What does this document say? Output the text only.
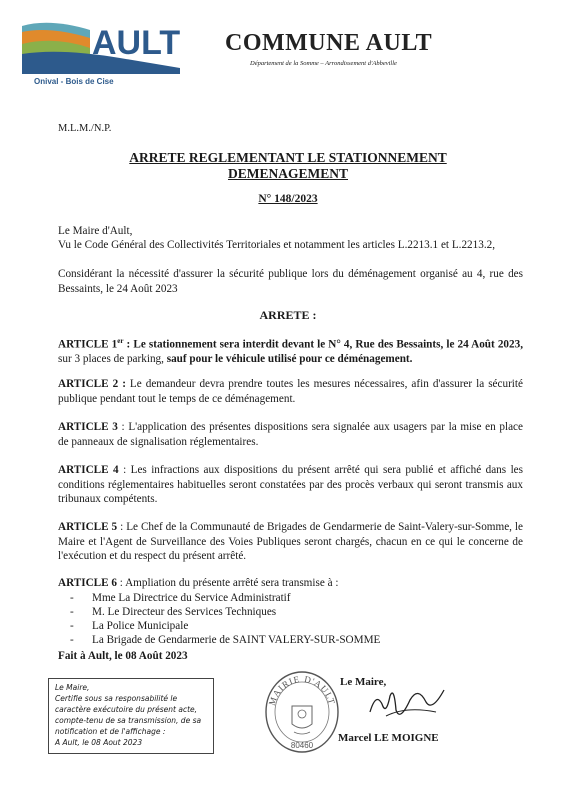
AULT
Onival - Bois de Cise
COMMUNE AULT
Département de la Somme – Arrondissement d'Abbeville
M.L.M./N.P.
ARRETE REGLEMENTANT LE STATIONNEMENT
DEMENAGEMENT
N° 148/2023
Le Maire d'Ault,
Vu le Code Général des Collectivités Territoriales et notamment les articles L.2213.1 et L.2213.2,
Considérant la nécessité d'assurer la sécurité publique lors du déménagement organisé au 4, rue des Bessaints, le 24 Août 2023
ARRETE :
ARTICLE 1er : Le stationnement sera interdit devant le N° 4, Rue des Bessaints, le 24 Août 2023, sur 3 places de parking, sauf pour le véhicule utilisé pour ce déménagement.
ARTICLE 2 : Le demandeur devra prendre toutes les mesures nécessaires, afin d'assurer la sécurité publique pendant tout le temps de ce déménagement.
ARTICLE 3 : L'application des présentes dispositions sera signalée aux usagers par la mise en place de panneaux de signalisation réglementaires.
ARTICLE 4 : Les infractions aux dispositions du présent arrêté qui sera publié et affiché dans les conditions réglementaires habituelles seront constatées par des procès verbaux qui seront transmis aux tribunaux compétents.
ARTICLE 5 : Le Chef de la Communauté de Brigades de Gendarmerie de Saint-Valery-sur-Somme, le Maire et l'Agent de Surveillance des Voies Publiques seront chargés, chacun en ce qui le concerne de l'exécution et du respect du présent arrêté.
ARTICLE 6 : Ampliation du présente arrêté sera transmise à :
- Mme La Directrice du Service Administratif
- M. Le Directeur des Services Techniques
- La Police Municipale
- La Brigade de Gendarmerie de SAINT VALERY-SUR-SOMME
Fait à Ault, le 08 Août 2023
Le Maire,
Certifie sous sa responsabilité le caractère exécutoire du présent acte, compte-tenu de sa transmission, de sa notification et de l'affichage :
A Ault, le 08 Aout 2023
MAIRIE D'AULT
80460
Le Maire,
Marcel LE MOIGNE
